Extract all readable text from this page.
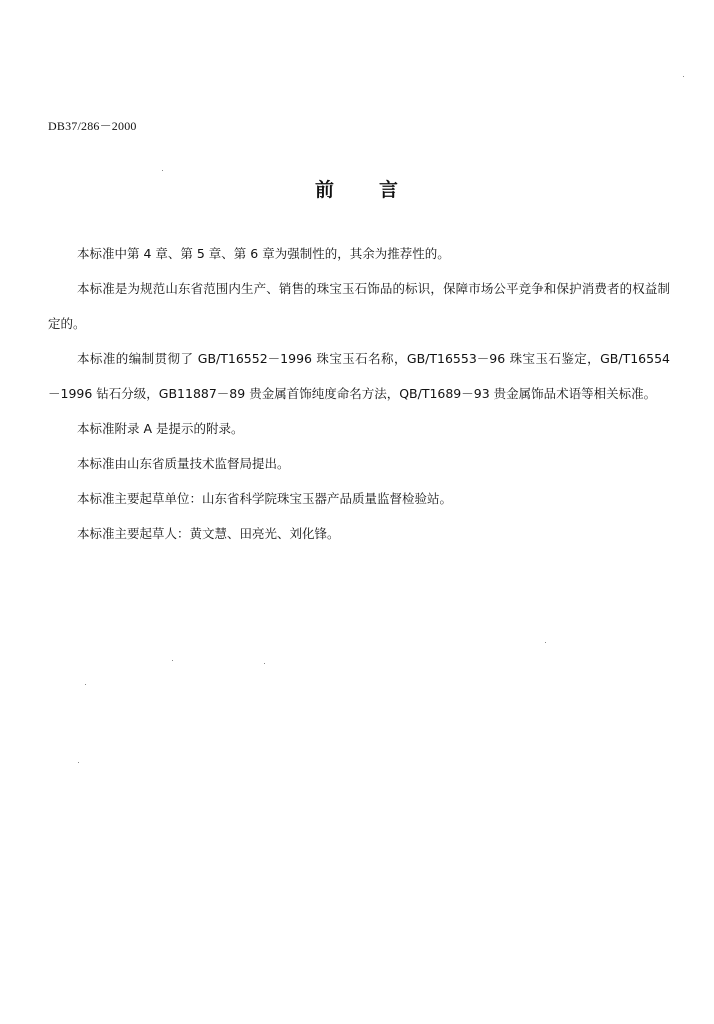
DB37/286－2000
前 言

本标准中第 4 章、第 5 章、第 6 章为强制性的，其余为推荐性的。

本标准是为规范山东省范围内生产、销售的珠宝玉石饰品的标识，保障市场公平竞争和保护消费者的权益制定的。

本标准的编制贯彻了 GB/T16552－1996 珠宝玉石名称，GB/T16553－96 珠宝玉石鉴定，GB/T16554－1996 钻石分级，GB11887－89 贵金属首饰纯度命名方法，QB/T1689－93 贵金属饰品术语等相关标准。

本标准附录 A 是提示的附录。

本标准由山东省质量技术监督局提出。

本标准主要起草单位：山东省科学院珠宝玉器产品质量监督检验站。

本标准主要起草人：黄文慧、田亮光、刘化锋。
